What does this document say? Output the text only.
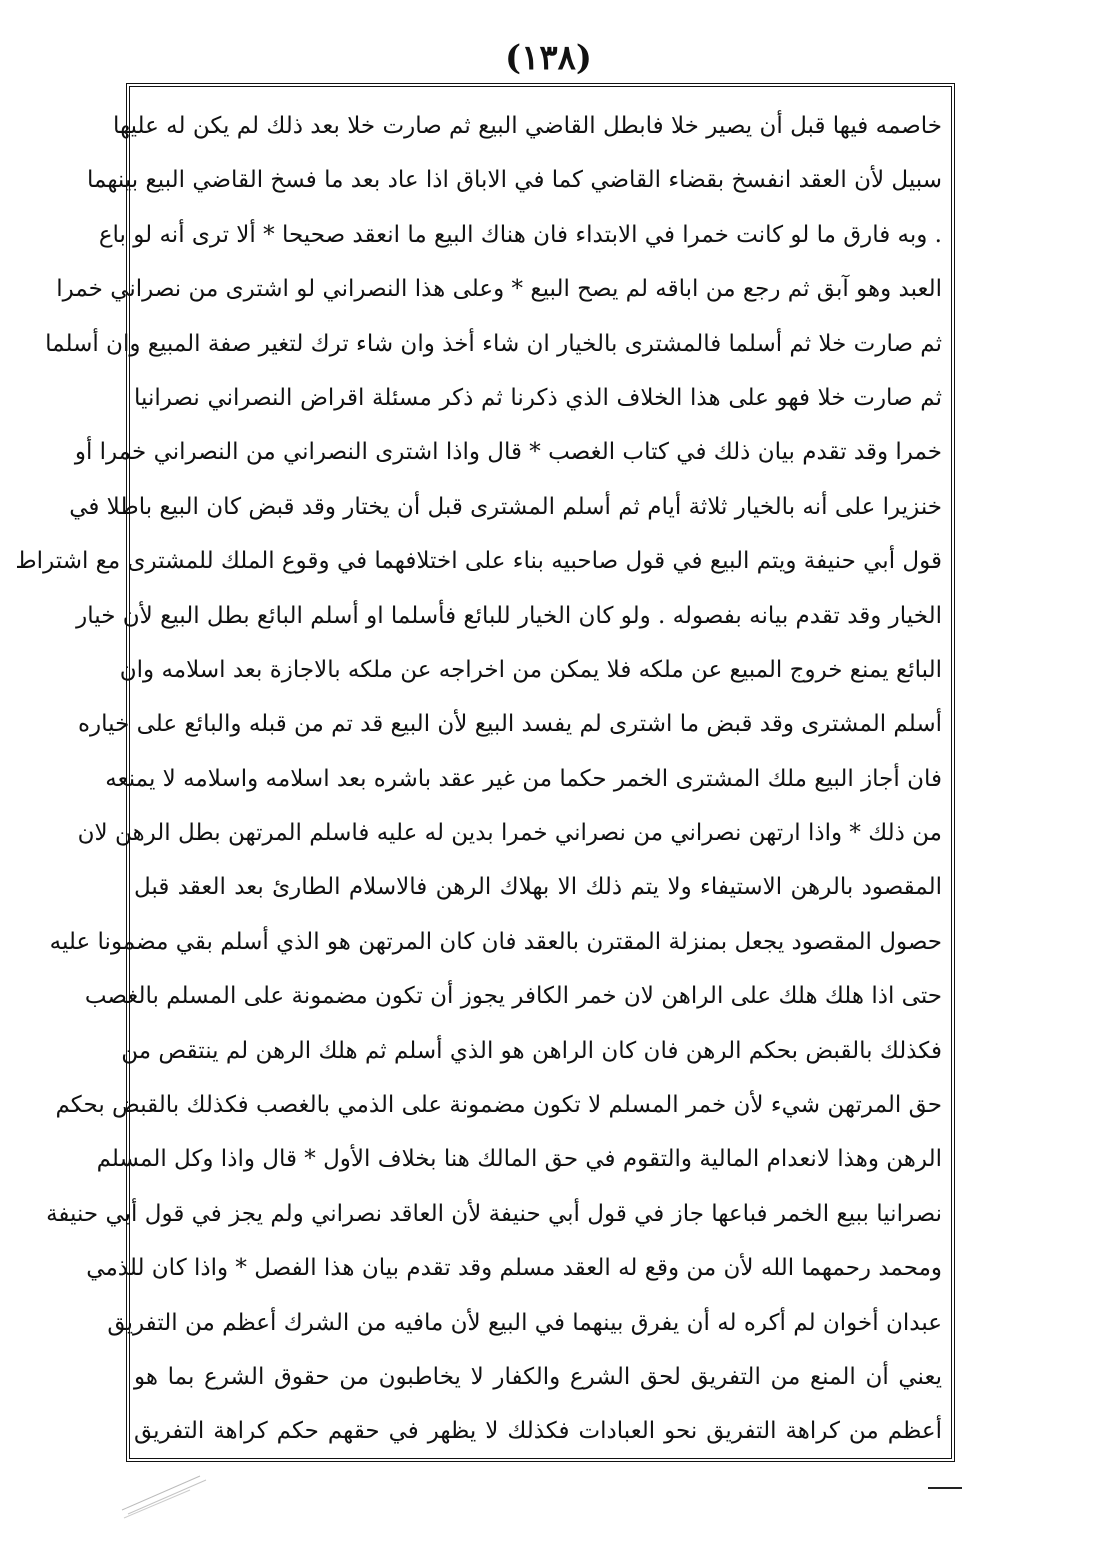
(١٣٨)
خاصمه فيها قبل أن يصير خلا فابطل القاضي البيع ثم صارت خلا بعد ذلك لم يكن له عليها
سبيل لأن العقد انفسخ بقضاء القاضي كما في الاباق اذا عاد بعد ما فسخ القاضي البيع بينهما
. وبه فارق ما لو كانت خمرا في الابتداء فان هناك البيع ما انعقد صحيحا * ألا ترى أنه لو باع
العبد وهو آبق ثم رجع من اباقه لم يصح البيع * وعلى هذا النصراني لو اشترى من نصراني خمرا
ثم صارت خلا ثم أسلما فالمشترى بالخيار ان شاء أخذ وان شاء ترك لتغير صفة المبيع وان أسلما
ثم صارت خلا فهو على هذا الخلاف الذي ذكرنا ثم ذكر مسئلة اقراض النصراني نصرانيا
خمرا وقد تقدم بيان ذلك في كتاب الغصب * قال واذا اشترى النصراني من النصراني خمرا أو
خنزيرا على أنه بالخيار ثلاثة أيام ثم أسلم المشترى قبل أن يختار وقد قبض كان البيع باطلا في
قول أبي حنيفة ويتم البيع في قول صاحبيه بناء على اختلافهما في وقوع الملك للمشترى مع اشتراط
الخيار وقد تقدم بيانه بفصوله . ولو كان الخيار للبائع فأسلما او أسلم البائع بطل البيع لأن خيار
البائع يمنع خروج المبيع عن ملكه فلا يمكن من اخراجه عن ملكه بالاجازة بعد اسلامه وان
أسلم المشترى وقد قبض ما اشترى لم يفسد البيع لأن البيع قد تم من قبله والبائع على خياره
فان أجاز البيع ملك المشترى الخمر حكما من غير عقد باشره بعد اسلامه واسلامه لا يمنعه
من ذلك * واذا ارتهن نصراني من نصراني خمرا بدين له عليه فاسلم المرتهن بطل الرهن لان
المقصود بالرهن الاستيفاء ولا يتم ذلك الا بهلاك الرهن فالاسلام الطارئ بعد العقد قبل
حصول المقصود يجعل بمنزلة المقترن بالعقد فان كان المرتهن هو الذي أسلم بقي مضمونا عليه
حتى اذا هلك هلك على الراهن لان خمر الكافر يجوز أن تكون مضمونة على المسلم بالغصب
فكذلك بالقبض بحكم الرهن فان كان الراهن هو الذي أسلم ثم هلك الرهن لم ينتقص من
حق المرتهن شيء لأن خمر المسلم لا تكون مضمونة على الذمي بالغصب فكذلك بالقبض بحكم
الرهن وهذا لانعدام المالية والتقوم في حق المالك هنا بخلاف الأول * قال واذا وكل المسلم
نصرانيا ببيع الخمر فباعها جاز في قول أبي حنيفة لأن العاقد نصراني ولم يجز في قول أبي حنيفة
ومحمد رحمهما الله لأن من وقع له العقد مسلم وقد تقدم بيان هذا الفصل * واذا كان للذمي
عبدان أخوان لم أكره له أن يفرق بينهما في البيع لأن مافيه من الشرك أعظم من التفريق
يعني أن المنع من التفريق لحق الشرع والكفار لا يخاطبون من حقوق الشرع بما هو
أعظم من كراهة التفريق نحو العبادات فكذلك لا يظهر في حقهم حكم كراهة التفريق
